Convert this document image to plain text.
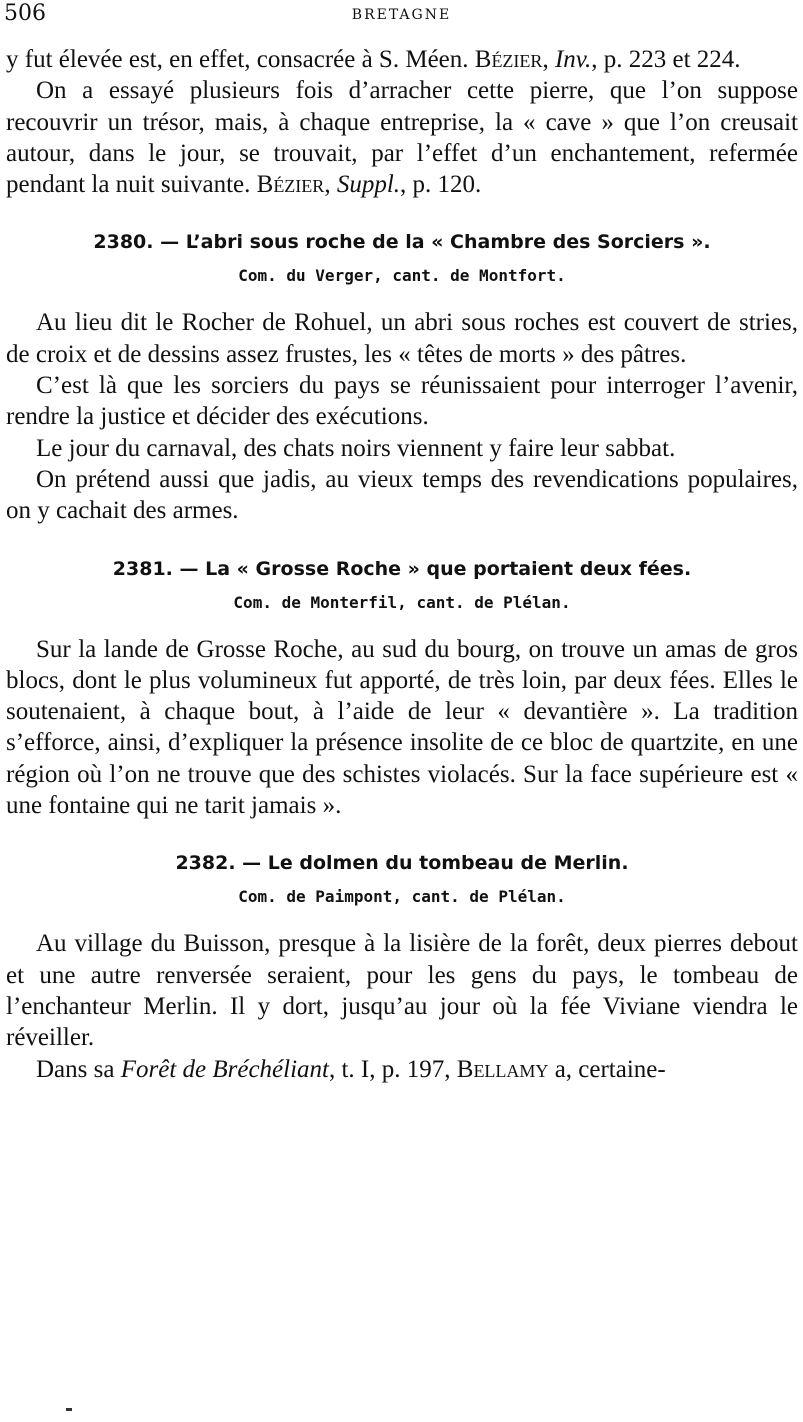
506	BRETAGNE

y fut élevée est, en effet, consacrée à S. Méen. Bézier, Inv., p. 223 et 224.

On a essayé plusieurs fois d’arracher cette pierre, que l’on suppose recouvrir un trésor, mais, à chaque entreprise, la « cave » que l’on creusait autour, dans le jour, se trouvait, par l’effet d’un enchantement, refermée pendant la nuit suivante. Bézier, Suppl., p. 120.

2380. — L’abri sous roche de la « Chambre des Sorciers ».
Com. du Verger, cant. de Montfort.

Au lieu dit le Rocher de Rohuel, un abri sous roches est couvert de stries, de croix et de dessins assez frustes, les « têtes de morts » des pâtres.

C’est là que les sorciers du pays se réunissaient pour interroger l’avenir, rendre la justice et décider des exécutions.

Le jour du carnaval, des chats noirs viennent y faire leur sabbat.

On prétend aussi que jadis, au vieux temps des revendications populaires, on y cachait des armes.

2381. — La « Grosse Roche » que portaient deux fées.
Com. de Monterfil, cant. de Plélan.

Sur la lande de Grosse Roche, au sud du bourg, on trouve un amas de gros blocs, dont le plus volumineux fut apporté, de très loin, par deux fées. Elles le soutenaient, à chaque bout, à l’aide de leur « devantière ». La tradition s’efforce, ainsi, d’expliquer la présence insolite de ce bloc de quartzite, en une région où l’on ne trouve que des schistes violacés. Sur la face supérieure est « une fontaine qui ne tarit jamais ».

2382. — Le dolmen du tombeau de Merlin.
Com. de Paimpont, cant. de Plélan.

Au village du Buisson, presque à la lisière de la forêt, deux pierres debout et une autre renversée seraient, pour les gens du pays, le tombeau de l’enchanteur Merlin. Il y dort, jusqu’au jour où la fée Viviane viendra le réveiller.

Dans sa Forêt de Bréchéliant, t. I, p. 197, Bellamy a, certaine-
